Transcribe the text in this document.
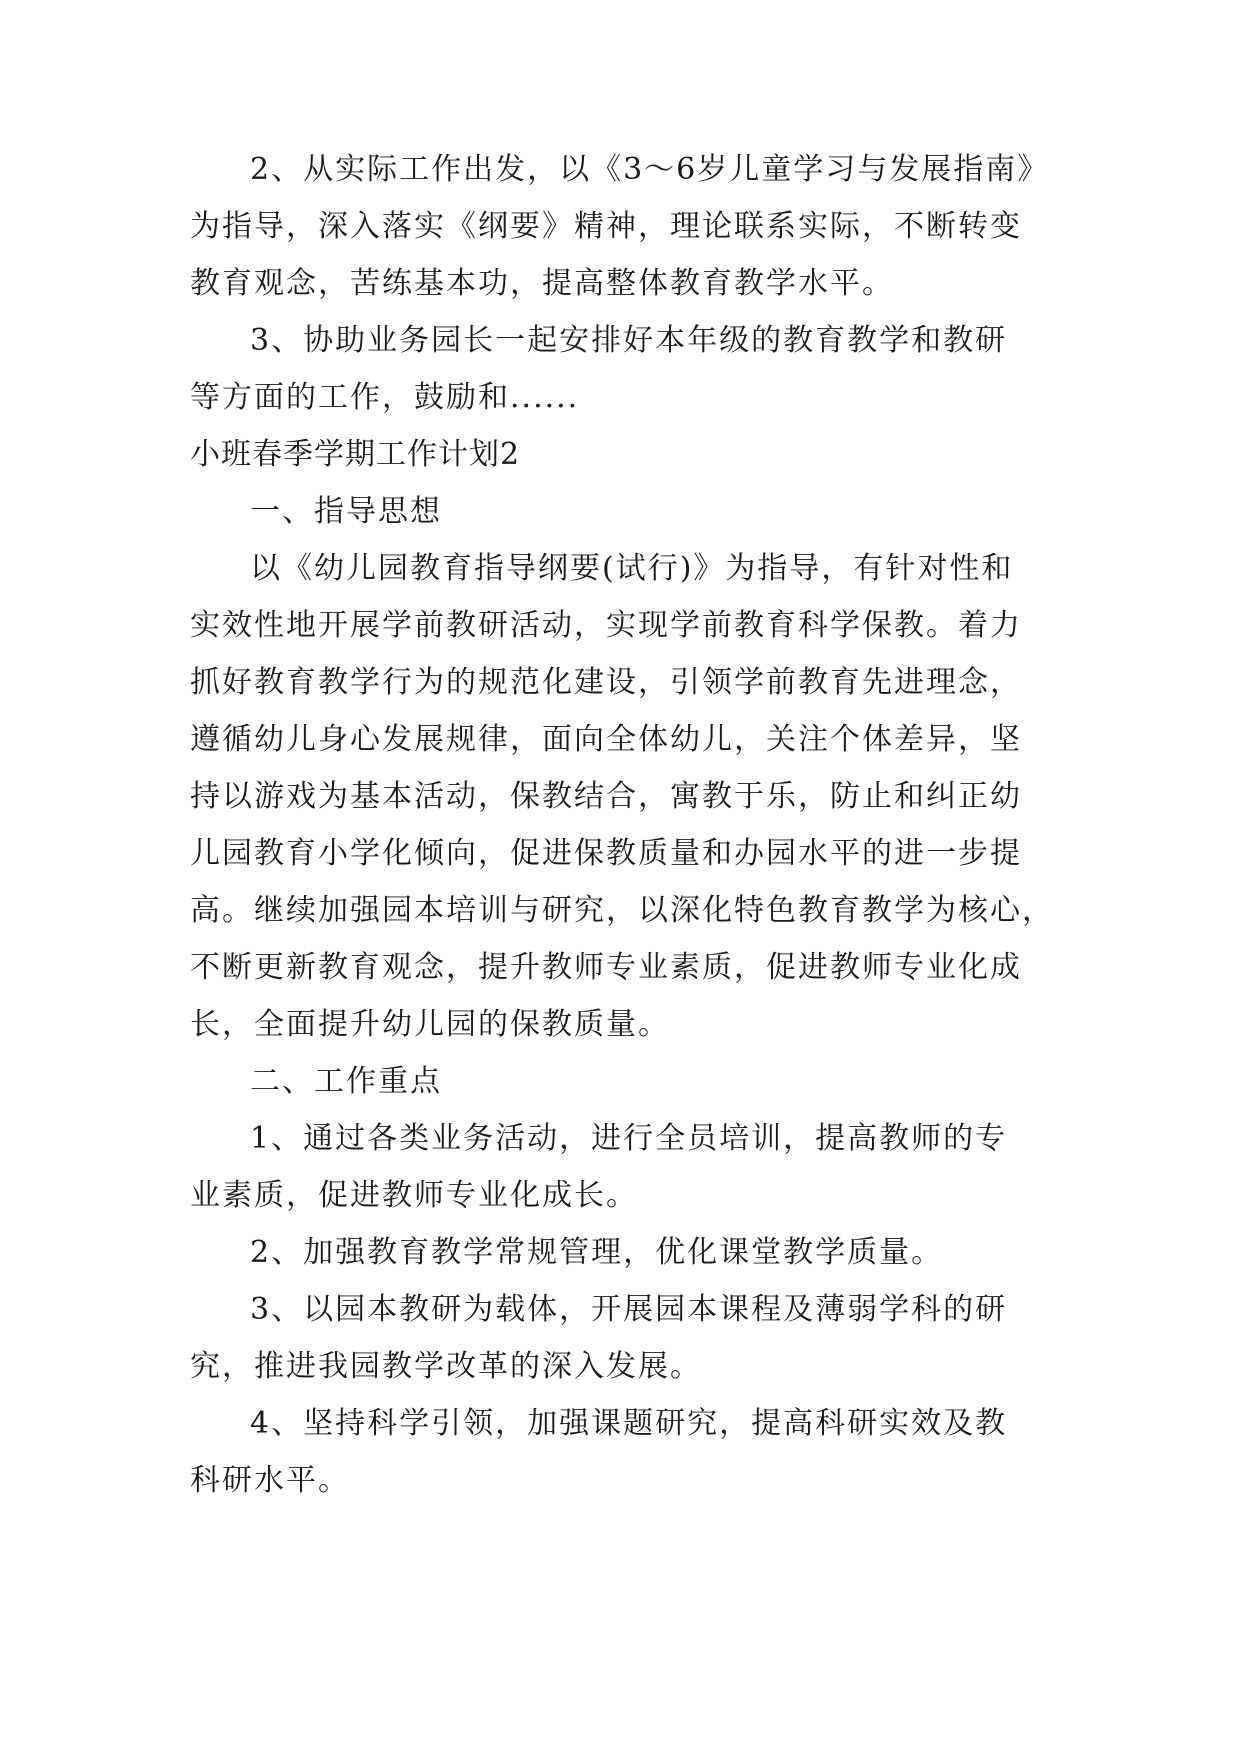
2、从实际工作出发，以《3～6岁儿童学习与发展指南》
为指导，深入落实《纲要》精神，理论联系实际，不断转变
教育观念，苦练基本功，提高整体教育教学水平。
3、协助业务园长一起安排好本年级的教育教学和教研
等方面的工作，鼓励和......
小班春季学期工作计划2
一、指导思想
以《幼儿园教育指导纲要(试行)》为指导，有针对性和
实效性地开展学前教研活动，实现学前教育科学保教。着力
抓好教育教学行为的规范化建设，引领学前教育先进理念，
遵循幼儿身心发展规律，面向全体幼儿，关注个体差异，坚
持以游戏为基本活动，保教结合，寓教于乐，防止和纠正幼
儿园教育小学化倾向，促进保教质量和办园水平的进一步提
高。继续加强园本培训与研究，以深化特色教育教学为核心，
不断更新教育观念，提升教师专业素质，促进教师专业化成
长，全面提升幼儿园的保教质量。
二、工作重点
1、通过各类业务活动，进行全员培训，提高教师的专
业素质，促进教师专业化成长。
2、加强教育教学常规管理，优化课堂教学质量。
3、以园本教研为载体，开展园本课程及薄弱学科的研
究，推进我园教学改革的深入发展。
4、坚持科学引领，加强课题研究，提高科研实效及教
科研水平。
